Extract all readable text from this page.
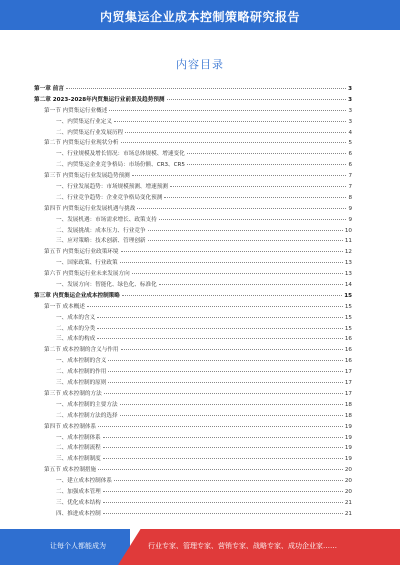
内贸集运企业成本控制策略研究报告
内容目录
第一章 前言	3
第二章 2023-2028年内贸集运行业前景及趋势预测	3
第一节 内贸集运行业概述	3
一、内贸集运行业定义	3
二、内贸集运行业发展历程	4
第二节 内贸集运行业现状分析	5
一、行业规模及增长情况：市场总体规模、增速变化	6
二、内贸集运企业竞争格局：市场份额、CR3、CR5	6
第三节 内贸集运行业发展趋势预测	7
一、行业发展趋势：市场规模预测、增速预测	7
二、行业竞争趋势：企业竞争格局变化预测	8
第四节 内贸集运行业发展机遇与挑战	9
一、发展机遇：市场需求增长、政策支持	9
二、发展挑战：成本压力、行业竞争	10
三、应对策略：技术创新、管理创新	11
第五节 内贸集运行业政策环境	12
一、国家政策、行业政策	13
第六节 内贸集运行业未来发展方向	13
一、发展方向：智能化、绿色化、标准化	14
第三章 内贸集运企业成本控制策略	15
第一节 成本概述	15
一、成本的含义	15
二、成本的分类	15
三、成本的构成	16
第二节 成本控制的含义与作用	16
一、成本控制的含义	16
二、成本控制的作用	17
三、成本控制的原则	17
第三节 成本控制的方法	17
一、成本控制的主要方法	18
二、成本控制方法的选择	18
第四节 成本控制体系	19
一、成本控制体系	19
二、成本控制流程	19
三、成本控制制度	19
第五节 成本控制措施	20
一、建立成本控制体系	20
二、加强成本管理	20
三、优化成本结构	21
四、推进成本控制	21
让每个人都能成为	行业专家、管理专家、营销专家、战略专家、成功企业家……
